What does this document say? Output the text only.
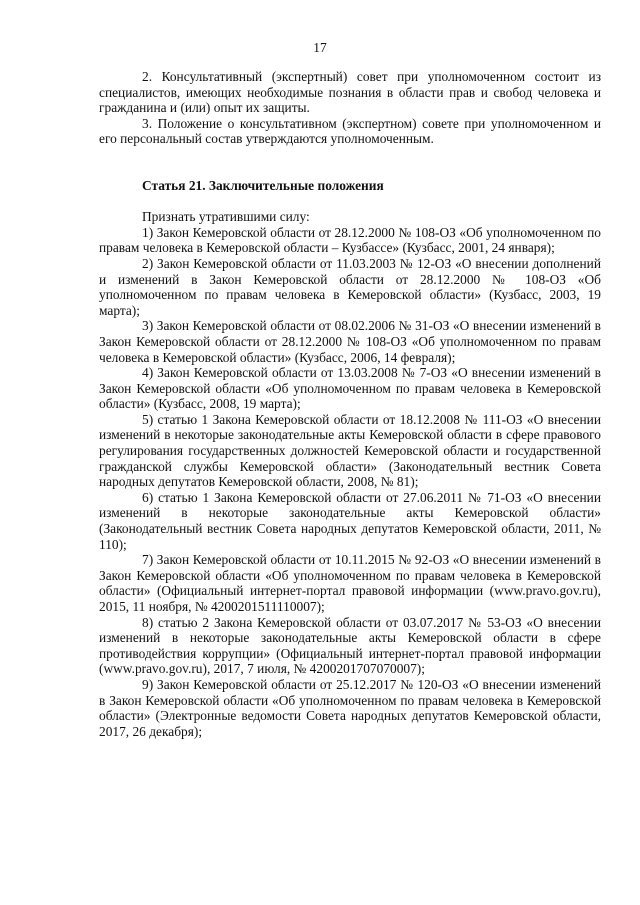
17

2. Консультативный (экспертный) совет при уполномоченном состоит из специалистов, имеющих необходимые познания в области прав и свобод человека и гражданина и (или) опыт их защиты.

3. Положение о консультативном (экспертном) совете при уполномоченном и его персональный состав утверждаются уполномоченным.

Статья 21. Заключительные положения

Признать утратившими силу:

1) Закон Кемеровской области от 28.12.2000 № 108-ОЗ «Об уполномоченном по правам человека в Кемеровской области – Кузбассе» (Кузбасс, 2001, 24 января);

2) Закон Кемеровской области от 11.03.2003 № 12-ОЗ «О внесении дополнений и изменений в Закон Кемеровской области от 28.12.2000 № 108-ОЗ «Об уполномоченном по правам человека в Кемеровской области» (Кузбасс, 2003, 19 марта);

3) Закон Кемеровской области от 08.02.2006 № 31-ОЗ «О внесении изменений в Закон Кемеровской области от 28.12.2000 № 108-ОЗ «Об уполномоченном по правам человека в Кемеровской области» (Кузбасс, 2006, 14 февраля);

4) Закон Кемеровской области от 13.03.2008 № 7-ОЗ «О внесении изменений в Закон Кемеровской области «Об уполномоченном по правам человека в Кемеровской области» (Кузбасс, 2008, 19 марта);

5) статью 1 Закона Кемеровской области от 18.12.2008 № 111-ОЗ «О внесении изменений в некоторые законодательные акты Кемеровской области в сфере правового регулирования государственных должностей Кемеровской области и государственной гражданской службы Кемеровской области» (Законодательный вестник Совета народных депутатов Кемеровской области, 2008, № 81);

6) статью 1 Закона Кемеровской области от 27.06.2011 № 71-ОЗ «О внесении изменений в некоторые законодательные акты Кемеровской области» (Законодательный вестник Совета народных депутатов Кемеровской области, 2011, № 110);

7) Закон Кемеровской области от 10.11.2015 № 92-ОЗ «О внесении изменений в Закон Кемеровской области «Об уполномоченном по правам человека в Кемеровской области» (Официальный интернет-портал правовой информации (www.pravo.gov.ru), 2015, 11 ноября, № 4200201511110007);

8) статью 2 Закона Кемеровской области от 03.07.2017 № 53-ОЗ «О внесении изменений в некоторые законодательные акты Кемеровской области в сфере противодействия коррупции» (Официальный интернет-портал правовой информации (www.pravo.gov.ru), 2017, 7 июля, № 4200201707070007);

9) Закон Кемеровской области от 25.12.2017 № 120-ОЗ «О внесении изменений в Закон Кемеровской области «Об уполномоченном по правам человека в Кемеровской области» (Электронные ведомости Совета народных депутатов Кемеровской области, 2017, 26 декабря);
